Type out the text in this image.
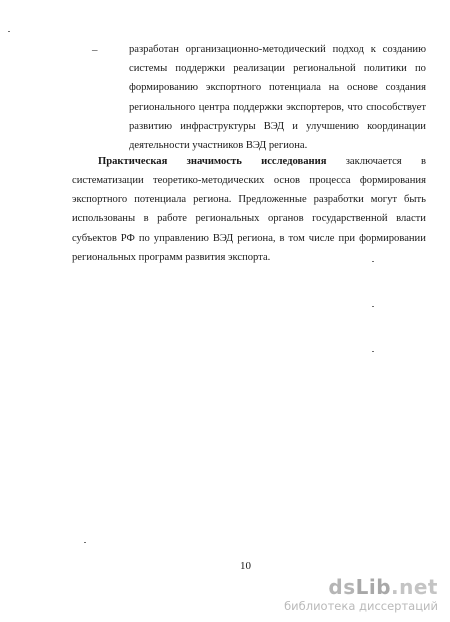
–	разработан организационно-методический подход к созданию
системы поддержки реализации региональной политики по
формированию экспортного потенциала на основе создания
регионального центра поддержки экспортеров, что способствует
развитию инфраструктуры ВЭД и улучшению координации
деятельности участников ВЭД региона.
Практическая значимость исследования заключается в
систематизации теоретико-методических основ процесса формирования
экспортного потенциала региона. Предложенные разработки могут быть
использованы в работе региональных органов государственной власти
субъектов РФ по управлению ВЭД региона, в том числе при формировании
региональных программ развития экспорта.
10
dsLib.net
библиотека диссертаций
